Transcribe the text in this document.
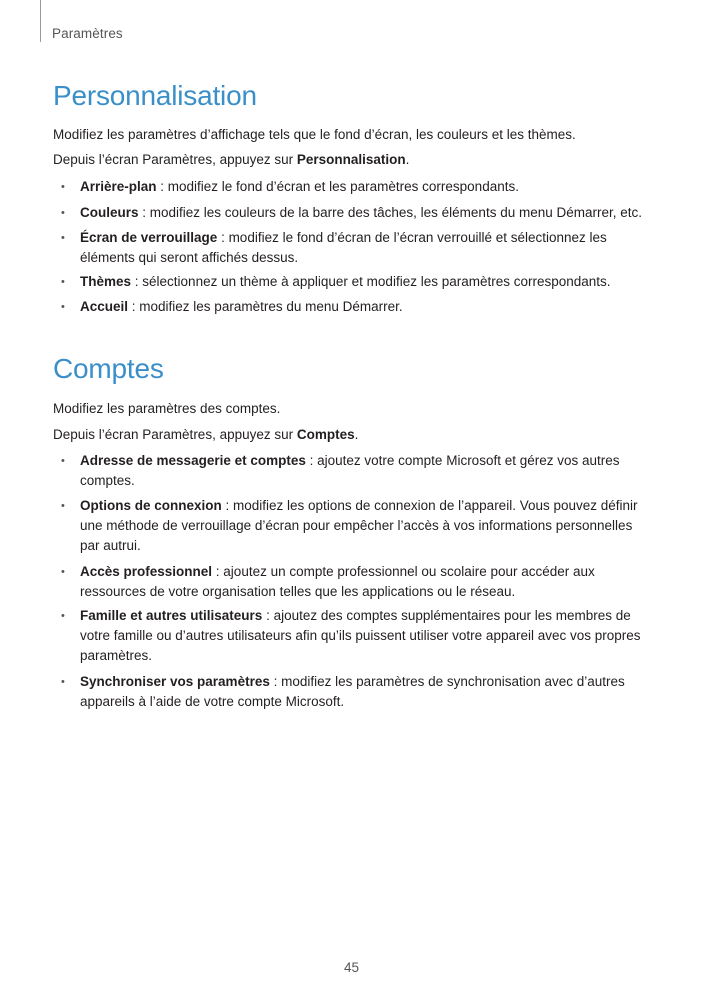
Paramètres
Personnalisation

Modifiez les paramètres d’affichage tels que le fond d’écran, les couleurs et les thèmes.

Depuis l’écran Paramètres, appuyez sur Personnalisation.

• Arrière-plan : modifiez le fond d’écran et les paramètres correspondants.
• Couleurs : modifiez les couleurs de la barre des tâches, les éléments du menu Démarrer, etc.
• Écran de verrouillage : modifiez le fond d’écran de l’écran verrouillé et sélectionnez les éléments qui seront affichés dessus.
• Thèmes : sélectionnez un thème à appliquer et modifiez les paramètres correspondants.
• Accueil : modifiez les paramètres du menu Démarrer.
Comptes

Modifiez les paramètres des comptes.

Depuis l’écran Paramètres, appuyez sur Comptes.

• Adresse de messagerie et comptes : ajoutez votre compte Microsoft et gérez vos autres comptes.
• Options de connexion : modifiez les options de connexion de l’appareil. Vous pouvez définir une méthode de verrouillage d’écran pour empêcher l’accès à vos informations personnelles par autrui.
• Accès professionnel : ajoutez un compte professionnel ou scolaire pour accéder aux ressources de votre organisation telles que les applications ou le réseau.
• Famille et autres utilisateurs : ajoutez des comptes supplémentaires pour les membres de votre famille ou d’autres utilisateurs afin qu’ils puissent utiliser votre appareil avec vos propres paramètres.
• Synchroniser vos paramètres : modifiez les paramètres de synchronisation avec d’autres appareils à l’aide de votre compte Microsoft.
45
